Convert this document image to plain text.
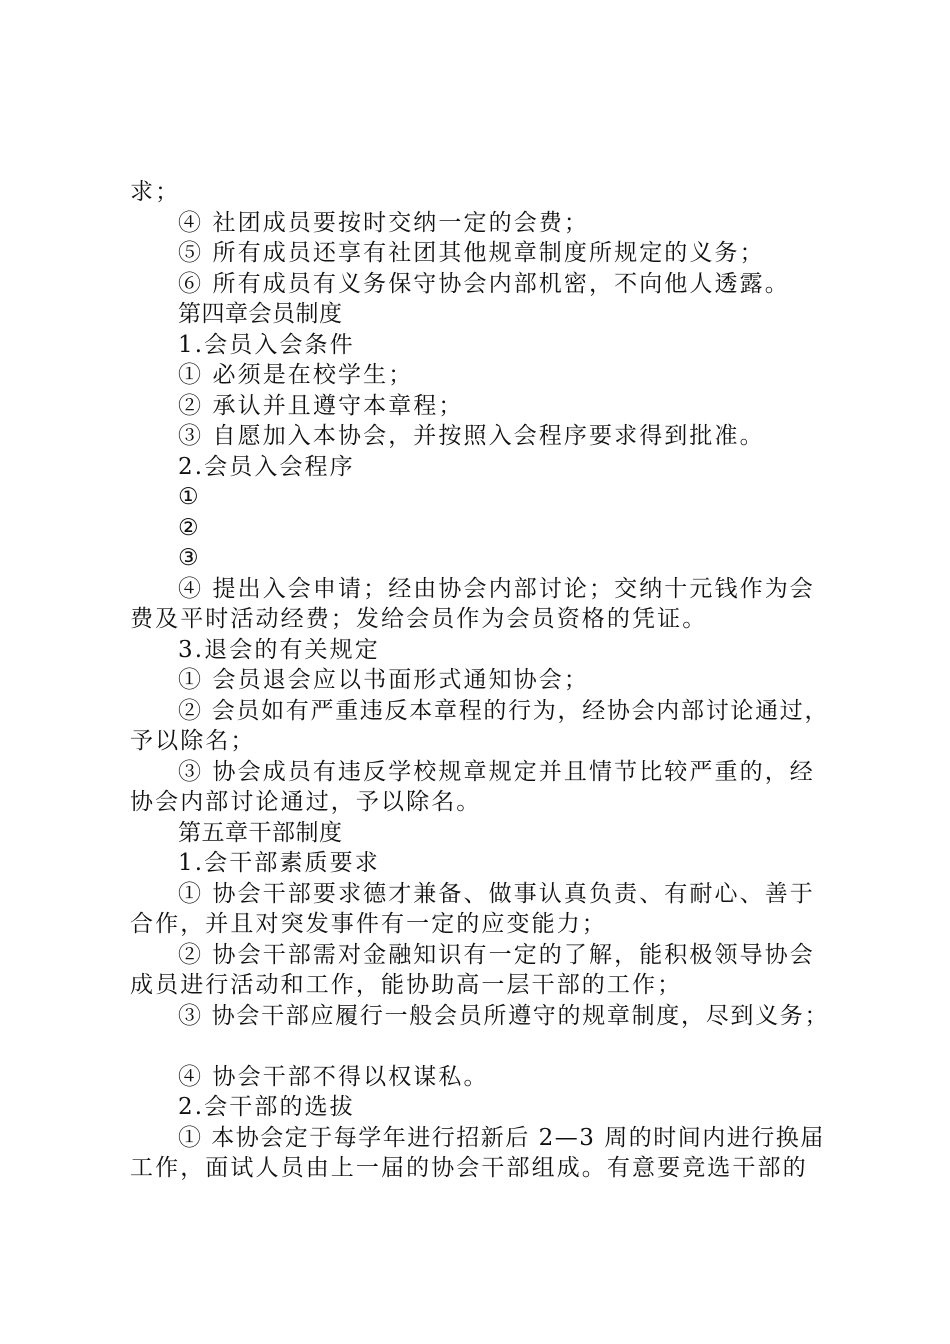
求；
④ 社团成员要按时交纳一定的会费；
⑤ 所有成员还享有社团其他规章制度所规定的义务；
⑥ 所有成员有义务保守协会内部机密，不向他人透露。
第四章会员制度
1.会员入会条件
① 必须是在校学生；
② 承认并且遵守本章程；
③ 自愿加入本协会，并按照入会程序要求得到批准。
2.会员入会程序
①
②
③
④ 提出入会申请；经由协会内部讨论；交纳十元钱作为会
费及平时活动经费；发给会员作为会员资格的凭证。
3.退会的有关规定
① 会员退会应以书面形式通知协会；
② 会员如有严重违反本章程的行为，经协会内部讨论通过，
予以除名；
③ 协会成员有违反学校规章规定并且情节比较严重的，经
协会内部讨论通过，予以除名。
第五章干部制度
1.会干部素质要求
① 协会干部要求德才兼备、做事认真负责、有耐心、善于
合作，并且对突发事件有一定的应变能力；
② 协会干部需对金融知识有一定的了解，能积极领导协会
成员进行活动和工作，能协助高一层干部的工作；
③ 协会干部应履行一般会员所遵守的规章制度，尽到义务；
④ 协会干部不得以权谋私。
2.会干部的选拔
① 本协会定于每学年进行招新后 2—3 周的时间内进行换届
工作，面试人员由上一届的协会干部组成。有意要竞选干部的
